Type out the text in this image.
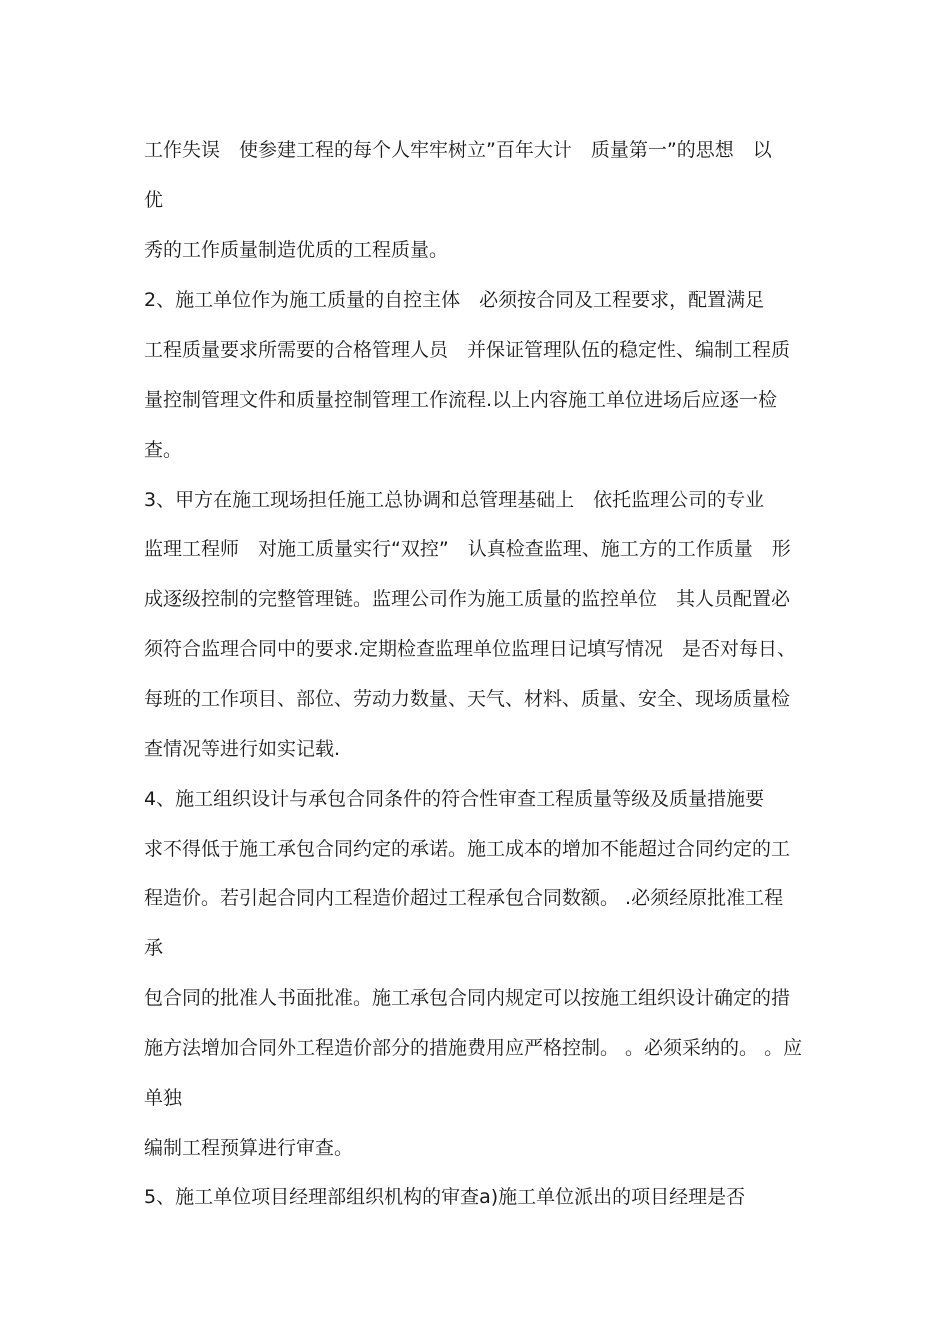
工作失误　使参建工程的每个人牢牢树立”百年大计　质量第一”的思想　以
优
秀的工作质量制造优质的工程质量。
2、施工单位作为施工质量的自控主体　必须按合同及工程要求，配置满足
工程质量要求所需要的合格管理人员　并保证管理队伍的稳定性、编制工程质
量控制管理文件和质量控制管理工作流程.以上内容施工单位进场后应逐一检
查。
3、甲方在施工现场担任施工总协调和总管理基础上　依托监理公司的专业
监理工程师　对施工质量实行“双控”　认真检查监理、施工方的工作质量　形
成逐级控制的完整管理链。监理公司作为施工质量的监控单位　其人员配置必
须符合监理合同中的要求.定期检查监理单位监理日记填写情况　是否对每日、
每班的工作项目、部位、劳动力数量、天气、材料、质量、安全、现场质量检
查情况等进行如实记载.
4、施工组织设计与承包合同条件的符合性审查工程质量等级及质量措施要
求不得低于施工承包合同约定的承诺。施工成本的增加不能超过合同约定的工
程造价。若引起合同内工程造价超过工程承包合同数额。 .必须经原批准工程
承
包合同的批准人书面批准。施工承包合同内规定可以按施工组织设计确定的措
施方法增加合同外工程造价部分的措施费用应严格控制。 。必须采纳的。 。应
单独
编制工程预算进行审查。
5、施工单位项目经理部组织机构的审查a)施工单位派出的项目经理是否
